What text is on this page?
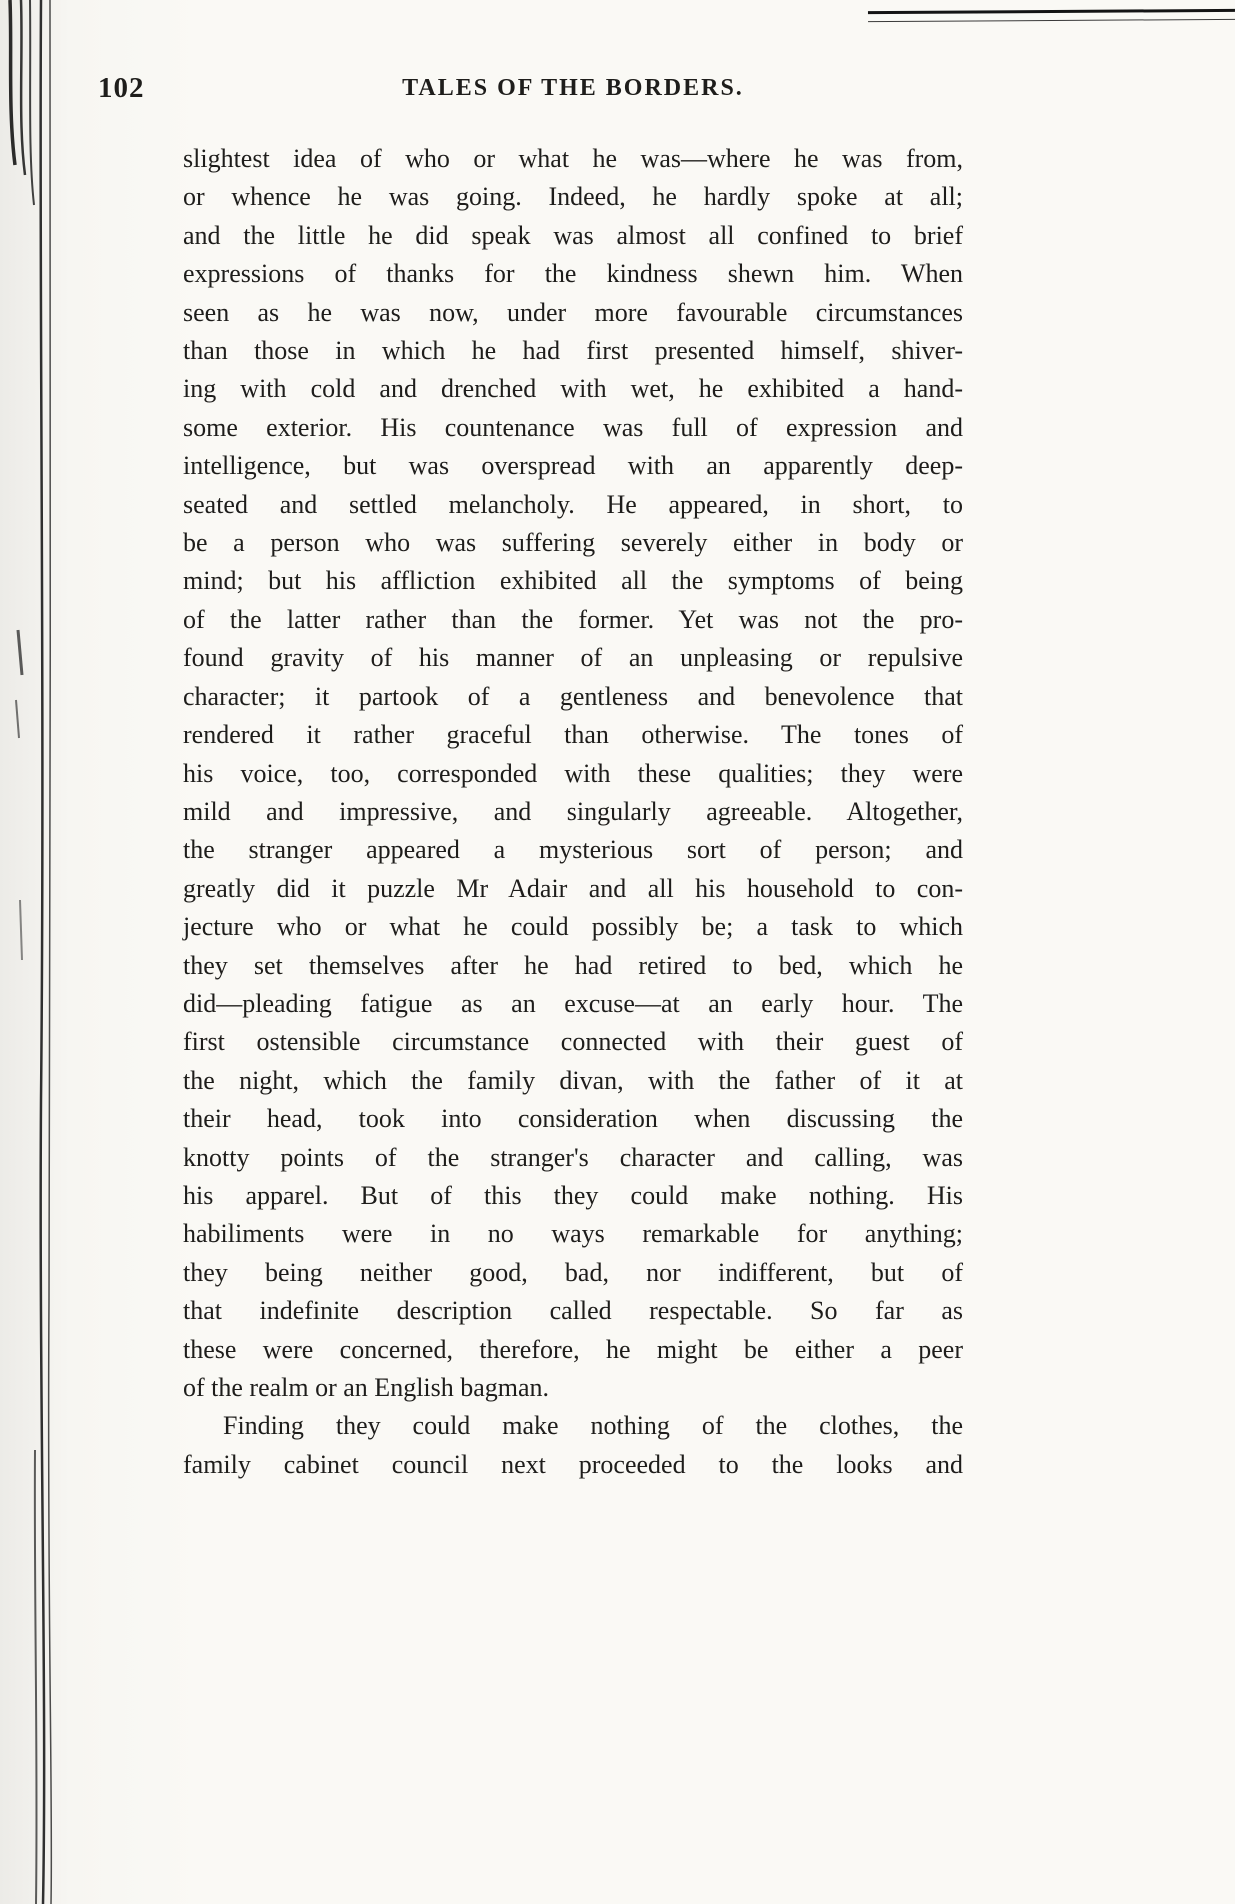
102	TALES OF THE BORDERS.
slightest idea of who or what he was—where he was from,
or whence he was going. Indeed, he hardly spoke at all;
and the little he did speak was almost all confined to brief
expressions of thanks for the kindness shewn him. When
seen as he was now, under more favourable circumstances
than those in which he had first presented himself, shiver-
ing with cold and drenched with wet, he exhibited a hand-
some exterior. His countenance was full of expression and
intelligence, but was overspread with an apparently deep-
seated and settled melancholy. He appeared, in short, to
be a person who was suffering severely either in body or
mind; but his affliction exhibited all the symptoms of being
of the latter rather than the former. Yet was not the pro-
found gravity of his manner of an unpleasing or repulsive
character; it partook of a gentleness and benevolence that
rendered it rather graceful than otherwise. The tones of
his voice, too, corresponded with these qualities; they were
mild and impressive, and singularly agreeable. Altogether,
the stranger appeared a mysterious sort of person; and
greatly did it puzzle Mr Adair and all his household to con-
jecture who or what he could possibly be; a task to which
they set themselves after he had retired to bed, which he
did—pleading fatigue as an excuse—at an early hour. The
first ostensible circumstance connected with their guest of
the night, which the family divan, with the father of it at
their head, took into consideration when discussing the
knotty points of the stranger's character and calling, was
his apparel. But of this they could make nothing. His
habiliments were in no ways remarkable for anything;
they being neither good, bad, nor indifferent, but of
that indefinite description called respectable. So far as
these were concerned, therefore, he might be either a peer
of the realm or an English bagman.
Finding they could make nothing of the clothes, the
family cabinet council next proceeded to the looks and
